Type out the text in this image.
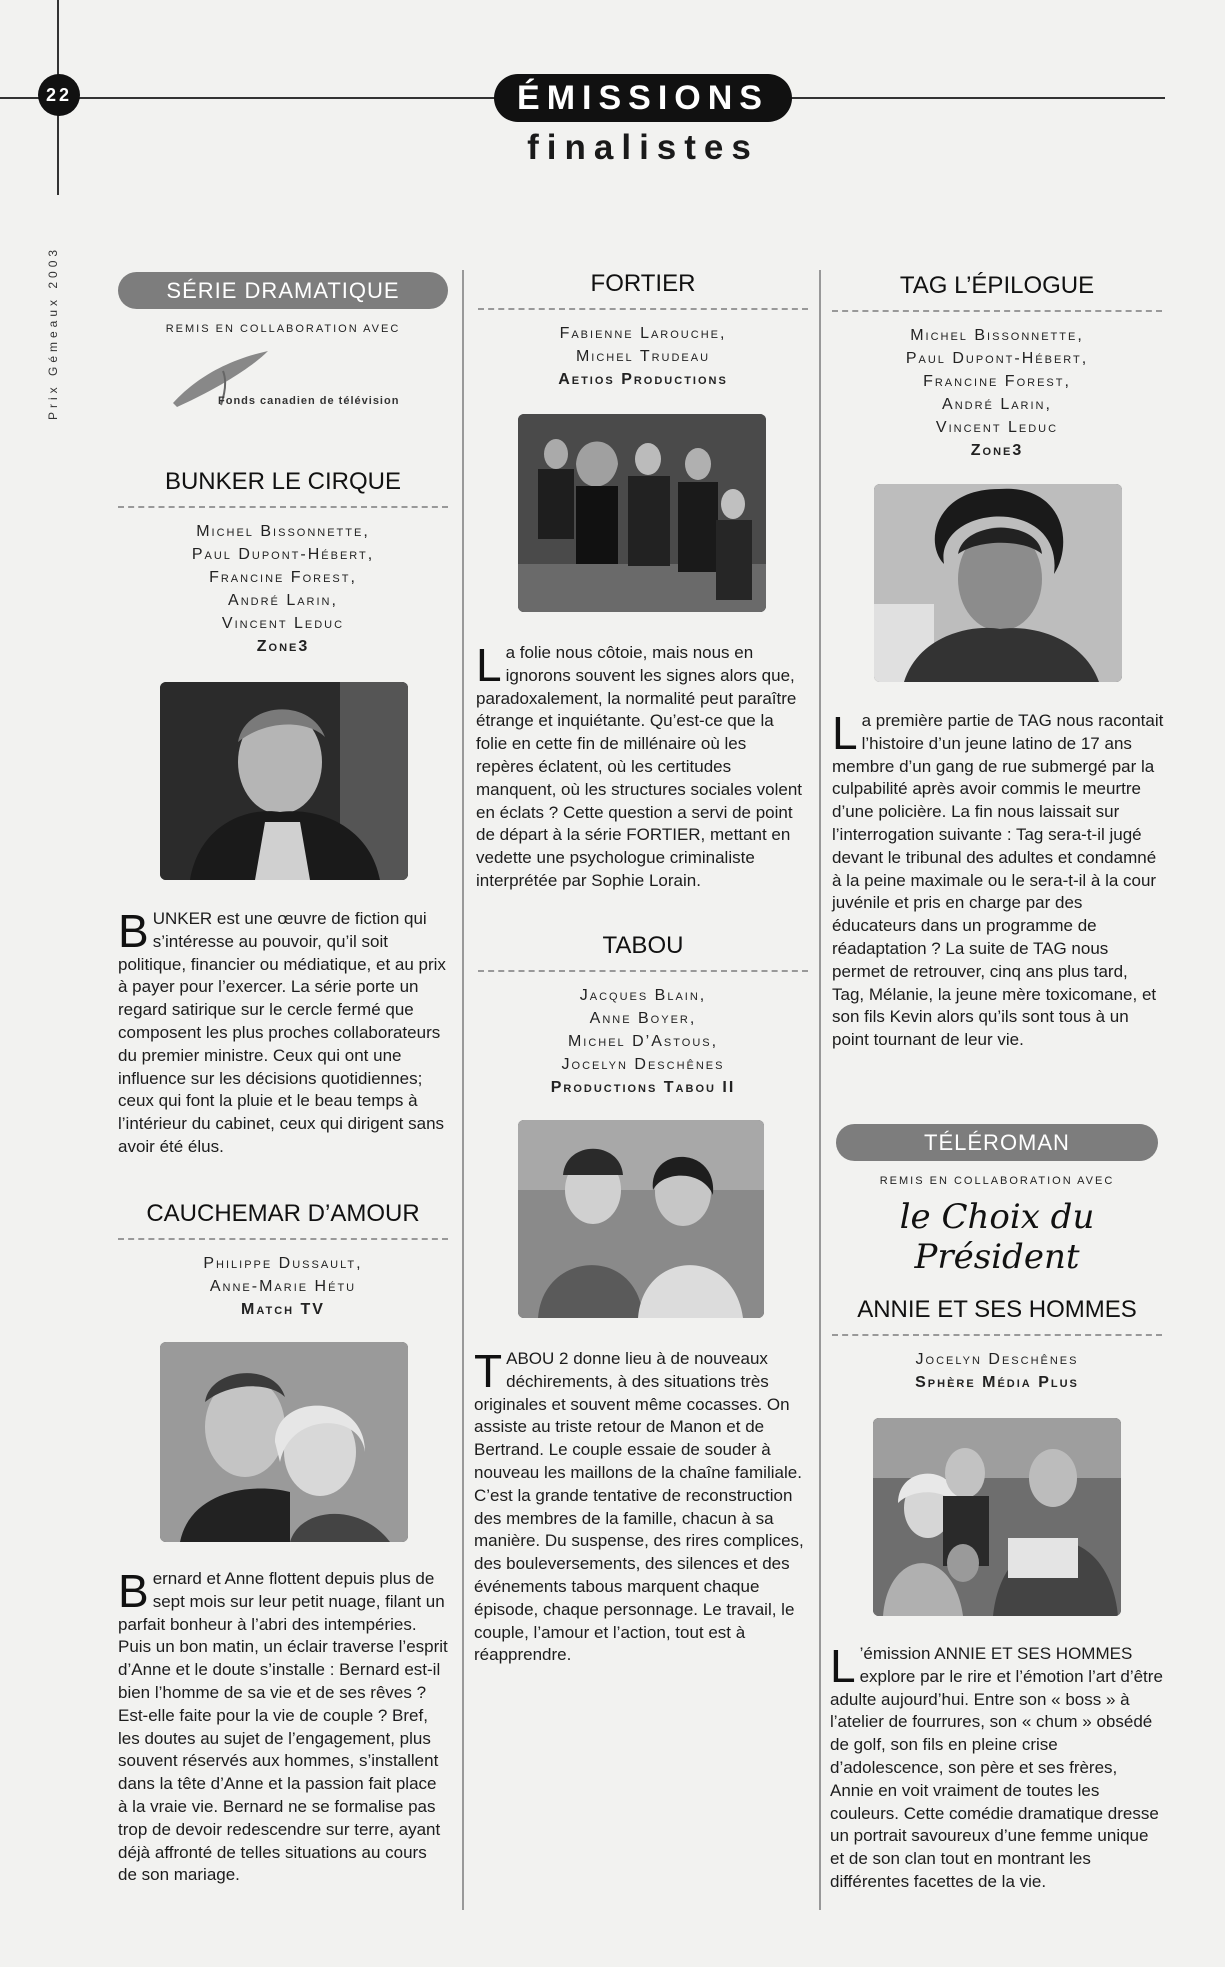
22	ÉMISSIONS
finalistes
Prix Gémeaux 2003	SÉRIE DRAMATIQUE
REMIS EN COLLABORATION AVEC
Fonds canadien de télévision
BUNKER LE CIRQUE
Michel Bissonnette,
Paul Dupont-Hébert,
Francine Forest,
André Larin,
Vincent Leduc
Zone3

BUNKER est une œuvre de fiction qui s’intéresse au pouvoir, qu’il soit politique, financier ou médiatique, et au prix à payer pour l’exercer. La série porte un regard satirique sur le cercle fermé que composent les plus proches collaborateurs du premier ministre. Ceux qui ont une influence sur les décisions quotidiennes; ceux qui font la pluie et le beau temps à l’intérieur du cabinet, ceux qui dirigent sans avoir été élus.

CAUCHEMAR D’AMOUR
Philippe Dussault,
Anne-Marie Hétu
Match TV

Bernard et Anne flottent depuis plus de sept mois sur leur petit nuage, filant un parfait bonheur à l’abri des intempéries. Puis un bon matin, un éclair traverse l’esprit d’Anne et le doute s’installe : Bernard est-il bien l’homme de sa vie et de ses rêves ? Est-elle faite pour la vie de couple ? Bref, les doutes au sujet de l’engagement, plus souvent réservés aux hommes, s’installent dans la tête d’Anne et la passion fait place à la vraie vie. Bernard ne se formalise pas trop de devoir redescendre sur terre, ayant déjà affronté de telles situations au cours de son mariage.

FORTIER
Fabienne Larouche,
Michel Trudeau
Aetios Productions

La folie nous côtoie, mais nous en ignorons souvent les signes alors que, paradoxalement, la normalité peut paraître étrange et inquiétante. Qu’est-ce que la folie en cette fin de millénaire où les repères éclatent, où les certitudes manquent, où les structures sociales volent en éclats ? Cette question a servi de point de départ à la série FORTIER, mettant en vedette une psychologue criminaliste interprétée par Sophie Lorain.

TABOU
Jacques Blain,
Anne Boyer,
Michel D’Astous,
Jocelyn Deschênes
Productions Tabou II

TABOU 2 donne lieu à de nouveaux déchirements, à des situations très originales et souvent même cocasses. On assiste au triste retour de Manon et de Bertrand. Le couple essaie de souder à nouveau les maillons de la chaîne familiale. C’est la grande tentative de reconstruction des membres de la famille, chacun à sa manière. Du suspense, des rires complices, des bouleversements, des silences et des événements tabous marquent chaque épisode, chaque personnage. Le travail, le couple, l’amour et l’action, tout est à réapprendre.

TAG L’ÉPILOGUE
Michel Bissonnette,
Paul Dupont-Hébert,
Francine Forest,
André Larin,
Vincent Leduc
Zone3

La première partie de TAG nous racontait l’histoire d’un jeune latino de 17 ans membre d’un gang de rue submergé par la culpabilité après avoir commis le meurtre d’une policière. La fin nous laissait sur l’interrogation suivante : Tag sera-t-il jugé devant le tribunal des adultes et condamné à la peine maximale ou le sera-t-il à la cour juvénile et pris en charge par des éducateurs dans un programme de réadaptation ? La suite de TAG nous permet de retrouver, cinq ans plus tard, Tag, Mélanie, la jeune mère toxicomane, et son fils Kevin alors qu’ils sont tous à un point tournant de leur vie.

TÉLÉROMAN
REMIS EN COLLABORATION AVEC
le Choix du Président
ANNIE ET SES HOMMES
Jocelyn Deschênes
Sphère Média Plus

L ’émission ANNIE ET SES HOMMES explore par le rire et l’émotion l’art d’être adulte aujourd’hui. Entre son « boss » à l’atelier de fourrures, son « chum » obsédé de golf, son fils en pleine crise d’adolescence, son père et ses frères, Annie en voit vraiment de toutes les couleurs. Cette comédie dramatique dresse un portrait savoureux d’une femme unique et de son clan tout en montrant les différentes facettes de la vie.
